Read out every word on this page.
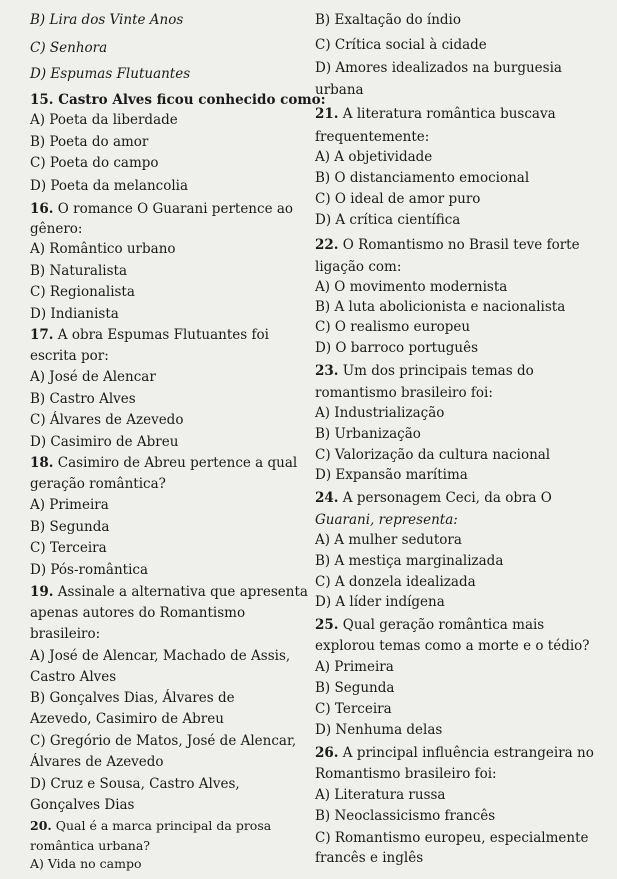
B) Lira dos Vinte Anos
C) Senhora
D) Espumas Flutuantes
15. Castro Alves ficou conhecido como:
A) Poeta da liberdade
B) Poeta do amor
C) Poeta do campo
D) Poeta da melancolia
16. O romance O Guarani pertence ao
gênero:
A) Romântico urbano
B) Naturalista
C) Regionalista
D) Indianista
17. A obra Espumas Flutuantes foi
escrita por:
A) José de Alencar
B) Castro Alves
C) Álvares de Azevedo
D) Casimiro de Abreu
18. Casimiro de Abreu pertence a qual
geração romântica?
A) Primeira
B) Segunda
C) Terceira
D) Pós-romântica
19. Assinale a alternativa que apresenta
apenas autores do Romantismo
brasileiro:
A) José de Alencar, Machado de Assis,
Castro Alves
B) Gonçalves Dias, Álvares de
Azevedo, Casimiro de Abreu
C) Gregório de Matos, José de Alencar,
Álvares de Azevedo
D) Cruz e Sousa, Castro Alves,
Gonçalves Dias
20. Qual é a marca principal da prosa
romântica urbana?
A) Vida no campo
B) Exaltação do índio
C) Crítica social à cidade
D) Amores idealizados na burguesia
urbana
21. A literatura romântica buscava
frequentemente:
A) A objetividade
B) O distanciamento emocional
C) O ideal de amor puro
D) A crítica científica
22. O Romantismo no Brasil teve forte
ligação com:
A) O movimento modernista
B) A luta abolicionista e nacionalista
C) O realismo europeu
D) O barroco português
23. Um dos principais temas do
romantismo brasileiro foi:
A) Industrialização
B) Urbanização
C) Valorização da cultura nacional
D) Expansão marítima
24. A personagem Ceci, da obra O
Guarani, representa:
A) A mulher sedutora
B) A mestiça marginalizada
C) A donzela idealizada
D) A líder indígena
25. Qual geração romântica mais
explorou temas como a morte e o tédio?
A) Primeira
B) Segunda
C) Terceira
D) Nenhuma delas
26. A principal influência estrangeira no
Romantismo brasileiro foi:
A) Literatura russa
B) Neoclassicismo francês
C) Romantismo europeu, especialmente
francês e inglês
